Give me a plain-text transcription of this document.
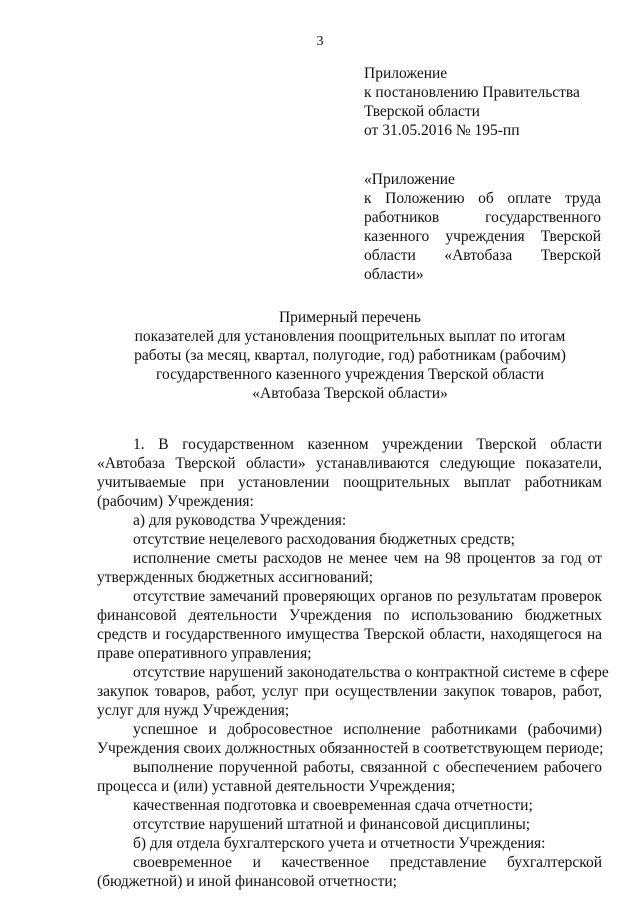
3
Приложение
к постановлению Правительства
Тверской области
от 31.05.2016 № 195-пп
«Приложение
к Положению об оплате труда
работников государственного
казенного учреждения Тверской
области «Автобаза Тверской
области»
Примерный перечень
показателей для установления поощрительных выплат по итогам
работы (за месяц, квартал, полугодие, год) работникам (рабочим)
государственного казенного учреждения Тверской области
«Автобаза Тверской области»
1. В государственном казенном учреждении Тверской области
«Автобаза Тверской области» устанавливаются следующие показатели,
учитываемые при установлении поощрительных выплат работникам
(рабочим) Учреждения:
а) для руководства Учреждения:
отсутствие нецелевого расходования бюджетных средств;
исполнение сметы расходов не менее чем на 98 процентов за год от
утвержденных бюджетных ассигнований;
отсутствие замечаний проверяющих органов по результатам проверок
финансовой деятельности Учреждения по использованию бюджетных
средств и государственного имущества Тверской области, находящегося на
праве оперативного управления;
отсутствие нарушений законодательства о контрактной системе в сфере
закупок товаров, работ, услуг при осуществлении закупок товаров, работ,
услуг для нужд Учреждения;
успешное и добросовестное исполнение работниками (рабочими)
Учреждения своих должностных обязанностей в соответствующем периоде;
выполнение порученной работы, связанной с обеспечением рабочего
процесса и (или) уставной деятельности Учреждения;
качественная подготовка и своевременная сдача отчетности;
отсутствие нарушений штатной и финансовой дисциплины;
б) для отдела бухгалтерского учета и отчетности Учреждения:
своевременное и качественное представление бухгалтерской
(бюджетной) и иной финансовой отчетности;
